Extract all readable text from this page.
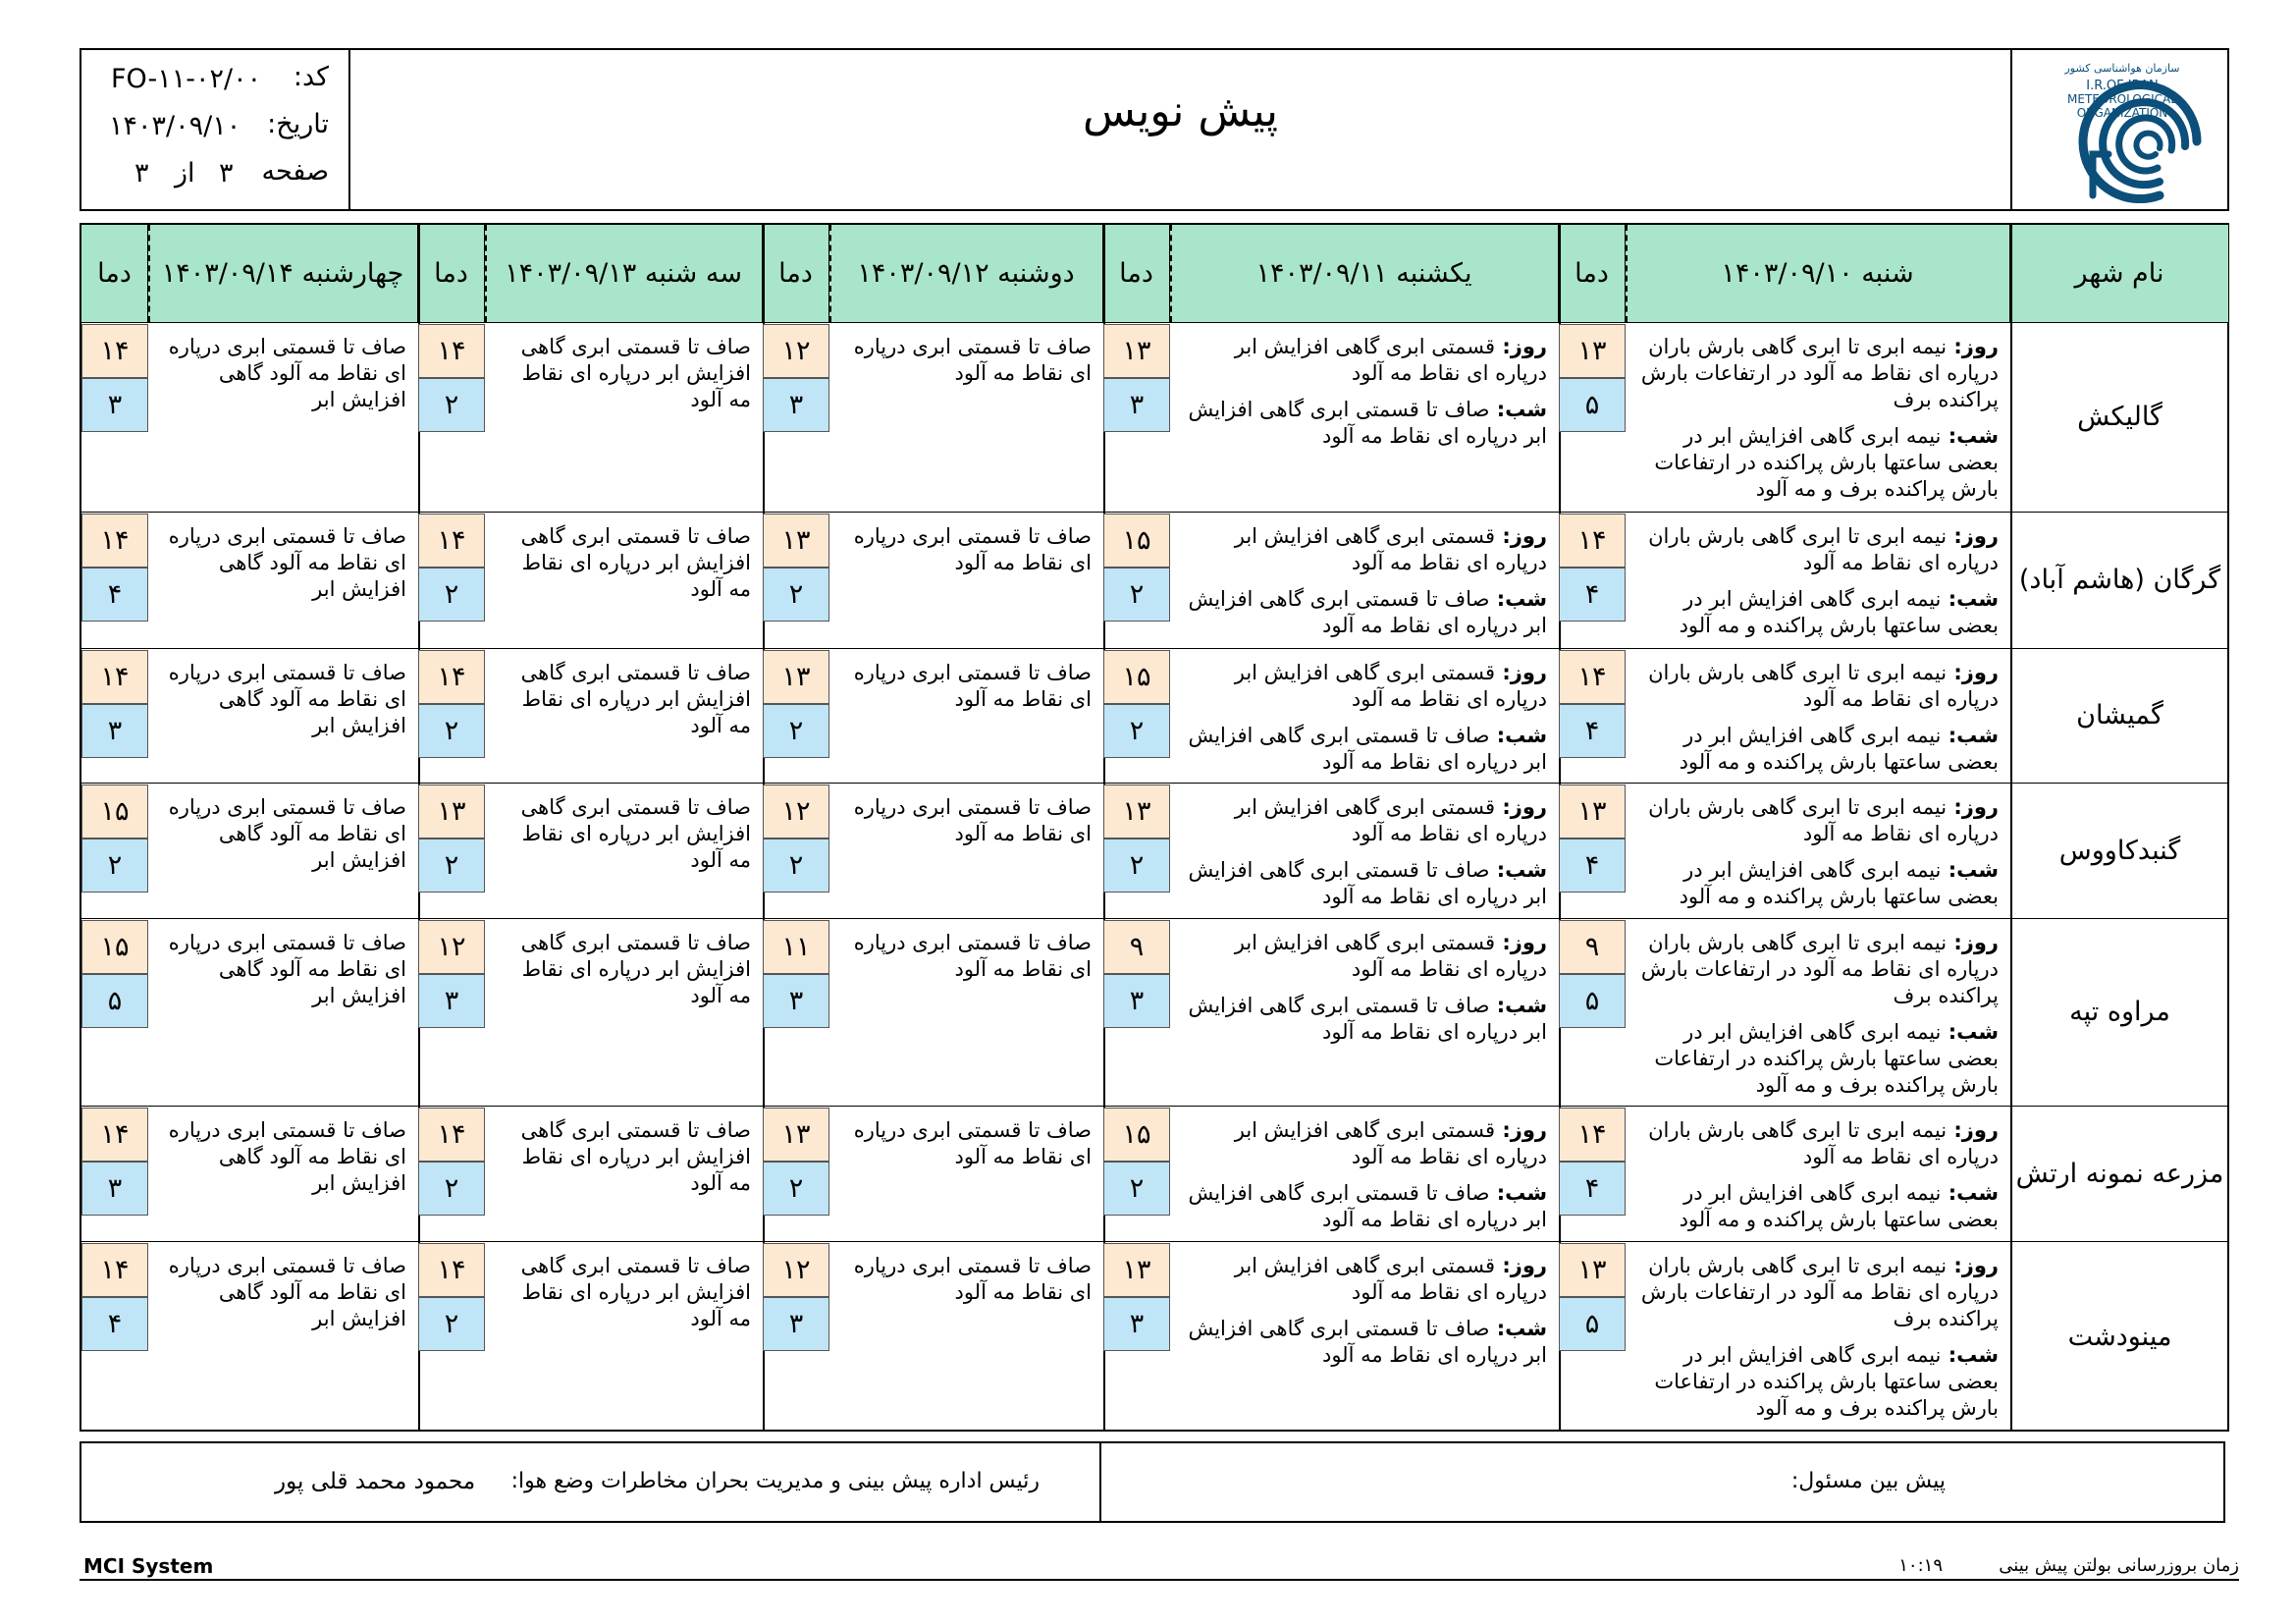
کد:
FO-۱۱-۰۲/۰۰
تاریخ:
۱۴۰۳/۰۹/۱۰
صفحه
۳
از
۳
پیش نویس
سازمان هواشناسی کشور
I.R.OF IRAN
METEOROLOGICAL
ORGANIZATION
نام شهر
شنبه ۱۴۰۳/۰۹/۱۰
دما
یکشنبه ۱۴۰۳/۰۹/۱۱
دما
دوشنبه ۱۴۰۳/۰۹/۱۲
دما
سه شنبه ۱۴۰۳/۰۹/۱۳
دما
چهارشنبه ۱۴۰۳/۰۹/۱۴
دما
گالیکش
۱۳
۵
روز: نیمه ابری تا ابری گاهی بارش باران درپاره ای نقاط مه آلود در ارتفاعات بارش پراکنده برف
شب: نیمه ابری گاهی افزایش ابر در بعضی ساعتها بارش پراکنده در ارتفاعات بارش پراکنده برف و مه آلود
۱۳
۳
روز: قسمتی ابری گاهی افزایش ابر درپاره ای نقاط مه آلود
شب: صاف تا قسمتی ابری گاهی افزایش ابر درپاره ای نقاط مه آلود
۱۲
۳
صاف تا قسمتی ابری درپاره ای نقاط مه آلود
۱۴
۲
صاف تا قسمتی ابری گاهی افزایش ابر درپاره ای نقاط مه آلود
۱۴
۳
صاف تا قسمتی ابری درپاره ای نقاط مه آلود گاهی افزایش ابر
گرگان (هاشم آباد)
۱۴
۴
روز: نیمه ابری تا ابری گاهی بارش باران درپاره ای نقاط مه آلود
شب: نیمه ابری گاهی افزایش ابر در بعضی ساعتها بارش پراکنده و مه آلود
۱۵
۲
روز: قسمتی ابری گاهی افزایش ابر درپاره ای نقاط مه آلود
شب: صاف تا قسمتی ابری گاهی افزایش ابر درپاره ای نقاط مه آلود
۱۳
۲
صاف تا قسمتی ابری درپاره ای نقاط مه آلود
۱۴
۲
صاف تا قسمتی ابری گاهی افزایش ابر درپاره ای نقاط مه آلود
۱۴
۴
صاف تا قسمتی ابری درپاره ای نقاط مه آلود گاهی افزایش ابر
گمیشان
۱۴
۴
روز: نیمه ابری تا ابری گاهی بارش باران درپاره ای نقاط مه آلود
شب: نیمه ابری گاهی افزایش ابر در بعضی ساعتها بارش پراکنده و مه آلود
۱۵
۲
روز: قسمتی ابری گاهی افزایش ابر درپاره ای نقاط مه آلود
شب: صاف تا قسمتی ابری گاهی افزایش ابر درپاره ای نقاط مه آلود
۱۳
۲
صاف تا قسمتی ابری درپاره ای نقاط مه آلود
۱۴
۲
صاف تا قسمتی ابری گاهی افزایش ابر درپاره ای نقاط مه آلود
۱۴
۳
صاف تا قسمتی ابری درپاره ای نقاط مه آلود گاهی افزایش ابر
گنبدکاووس
۱۳
۴
روز: نیمه ابری تا ابری گاهی بارش باران درپاره ای نقاط مه آلود
شب: نیمه ابری گاهی افزایش ابر در بعضی ساعتها بارش پراکنده و مه آلود
۱۳
۲
روز: قسمتی ابری گاهی افزایش ابر درپاره ای نقاط مه آلود
شب: صاف تا قسمتی ابری گاهی افزایش ابر درپاره ای نقاط مه آلود
۱۲
۲
صاف تا قسمتی ابری درپاره ای نقاط مه آلود
۱۳
۲
صاف تا قسمتی ابری گاهی افزایش ابر درپاره ای نقاط مه آلود
۱۵
۲
صاف تا قسمتی ابری درپاره ای نقاط مه آلود گاهی افزایش ابر
مراوه تپه
۹
۵
روز: نیمه ابری تا ابری گاهی بارش باران درپاره ای نقاط مه آلود در ارتفاعات بارش پراکنده برف
شب: نیمه ابری گاهی افزایش ابر در بعضی ساعتها بارش پراکنده در ارتفاعات بارش پراکنده برف و مه آلود
۹
۳
روز: قسمتی ابری گاهی افزایش ابر درپاره ای نقاط مه آلود
شب: صاف تا قسمتی ابری گاهی افزایش ابر درپاره ای نقاط مه آلود
۱۱
۳
صاف تا قسمتی ابری درپاره ای نقاط مه آلود
۱۲
۳
صاف تا قسمتی ابری گاهی افزایش ابر درپاره ای نقاط مه آلود
۱۵
۵
صاف تا قسمتی ابری درپاره ای نقاط مه آلود گاهی افزایش ابر
مزرعه نمونه ارتش
۱۴
۴
روز: نیمه ابری تا ابری گاهی بارش باران درپاره ای نقاط مه آلود
شب: نیمه ابری گاهی افزایش ابر در بعضی ساعتها بارش پراکنده و مه آلود
۱۵
۲
روز: قسمتی ابری گاهی افزایش ابر درپاره ای نقاط مه آلود
شب: صاف تا قسمتی ابری گاهی افزایش ابر درپاره ای نقاط مه آلود
۱۳
۲
صاف تا قسمتی ابری درپاره ای نقاط مه آلود
۱۴
۲
صاف تا قسمتی ابری گاهی افزایش ابر درپاره ای نقاط مه آلود
۱۴
۳
صاف تا قسمتی ابری درپاره ای نقاط مه آلود گاهی افزایش ابر
مینودشت
۱۳
۵
روز: نیمه ابری تا ابری گاهی بارش باران درپاره ای نقاط مه آلود در ارتفاعات بارش پراکنده برف
شب: نیمه ابری گاهی افزایش ابر در بعضی ساعتها بارش پراکنده در ارتفاعات بارش پراکنده برف و مه آلود
۱۳
۳
روز: قسمتی ابری گاهی افزایش ابر درپاره ای نقاط مه آلود
شب: صاف تا قسمتی ابری گاهی افزایش ابر درپاره ای نقاط مه آلود
۱۲
۳
صاف تا قسمتی ابری درپاره ای نقاط مه آلود
۱۴
۲
صاف تا قسمتی ابری گاهی افزایش ابر درپاره ای نقاط مه آلود
۱۴
۴
صاف تا قسمتی ابری درپاره ای نقاط مه آلود گاهی افزایش ابر
پیش بین مسئول:
رئیس اداره پیش بینی و مدیریت بحران مخاطرات وضع هوا:
محمود محمد قلی پور
MCI System	زمان بروزرسانی بولتن پیش بینی
۱۰:۱۹
